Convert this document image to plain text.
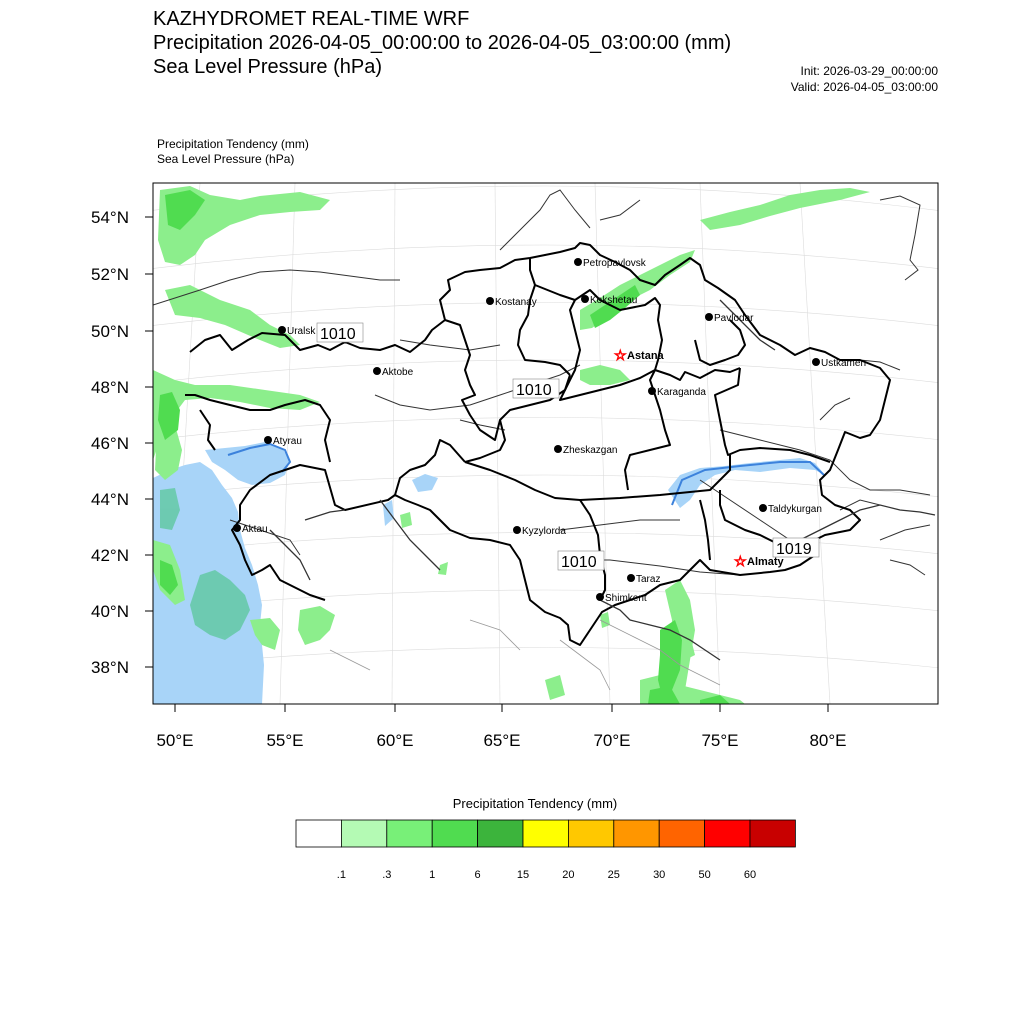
KAZHYDROMET REAL-TIME WRF
Precipitation 2026-04-05_00:00:00 to 2026-04-05_03:00:00 (mm)
Sea Level Pressure (hPa)	Init: 2026-03-29_00:00:00
Valid: 2026-04-05_03:00:00
Precipitation Tendency (mm)
Sea Level Pressure (hPa)
54°N
52°N
50°N
48°N
46°N
44°N
42°N
40°N
38°N
50°E	55°E	60°E	65°E	70°E	75°E	80°E
1010
1010
1010
1019
Petropavlovsk
Kostanay	Kokshetau
Pavlodar
Uralsk
☆ Astana
Aktobe
Ustkamen
Karaganda
Atyrau
Zheskazgan
Taldykurgan
Aktau	Kyzylorda
☆ Almaty
Taraz
Shimkent
.1	.3	1	6	15	20	25	30	50	60
Precipitation Tendency (mm)
